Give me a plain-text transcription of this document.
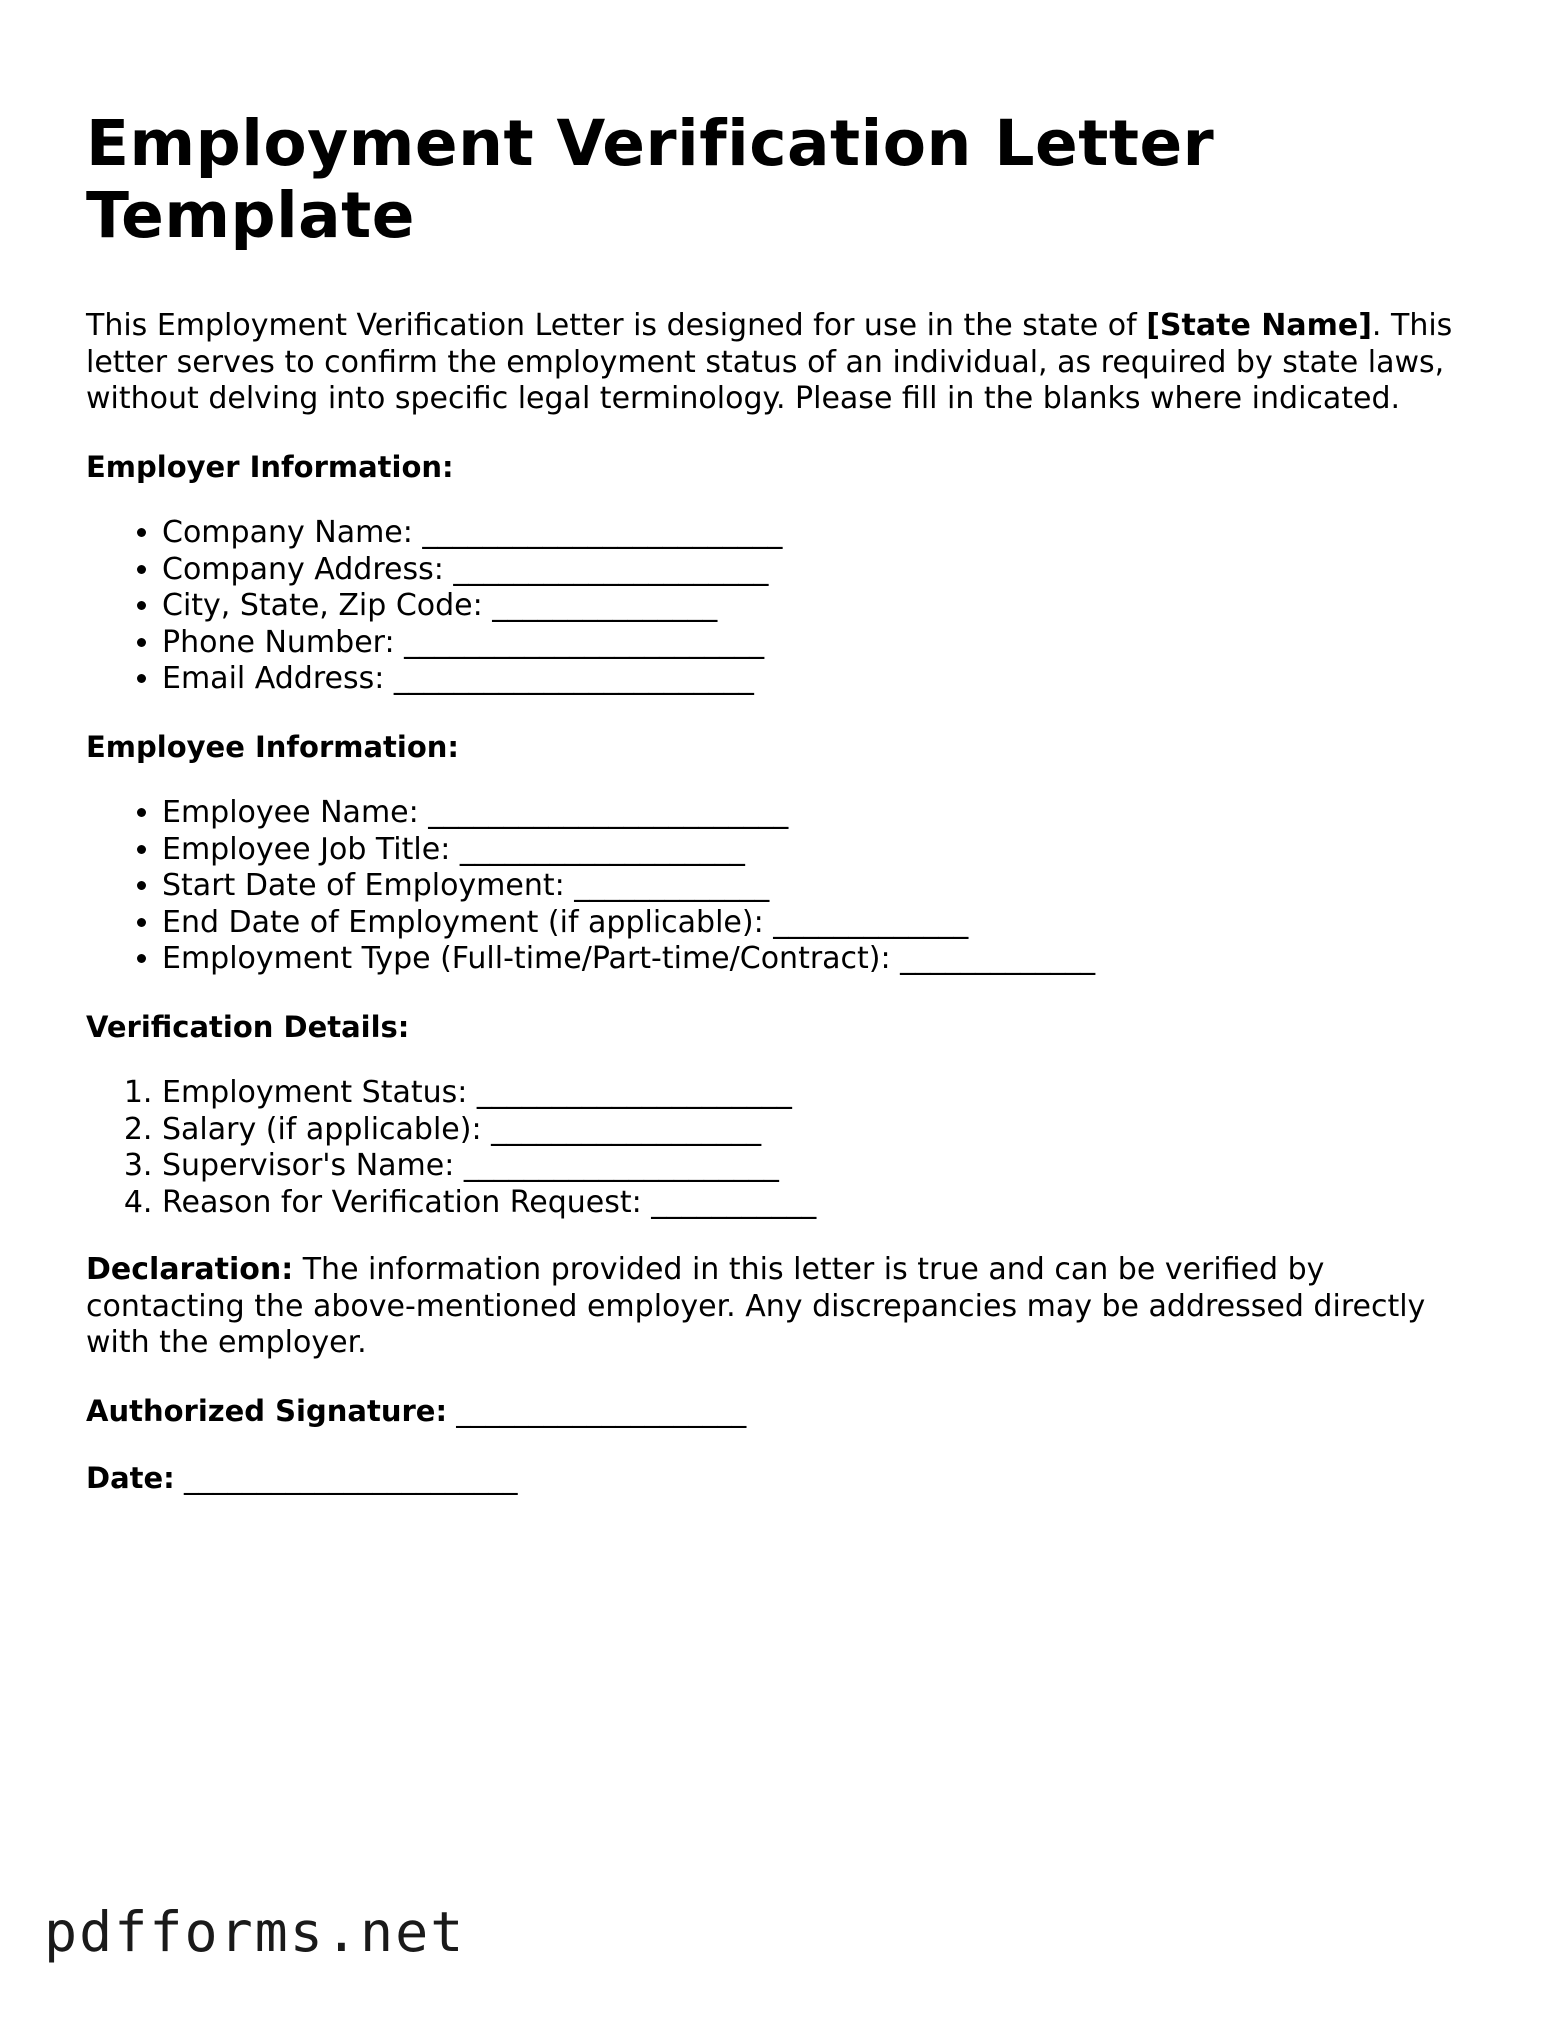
Employment Verification Letter Template

This Employment Verification Letter is designed for use in the state of [State Name]. This letter serves to confirm the employment status of an individual, as required by state laws, without delving into specific legal terminology. Please fill in the blanks where indicated.

Employer Information:
• Company Name: ________________________
• Company Address: _____________________
• City, State, Zip Code: _______________
• Phone Number: ________________________
• Email Address: ________________________
Employee Information:
• Employee Name: ________________________
• Employee Job Title: ___________________
• Start Date of Employment: _____________
• End Date of Employment (if applicable): _____________
• Employment Type (Full-time/Part-time/Contract): _____________
Verification Details:
1. Employment Status: _____________________
2. Salary (if applicable): __________________
3. Supervisor's Name: _____________________
4. Reason for Verification Request: ___________

Declaration: The information provided in this letter is true and can be verified by contacting the above-mentioned employer. Any discrepancies may be addressed directly with the employer.

Authorized Signature: ____________________
Date: _______________________
pdfforms.net
